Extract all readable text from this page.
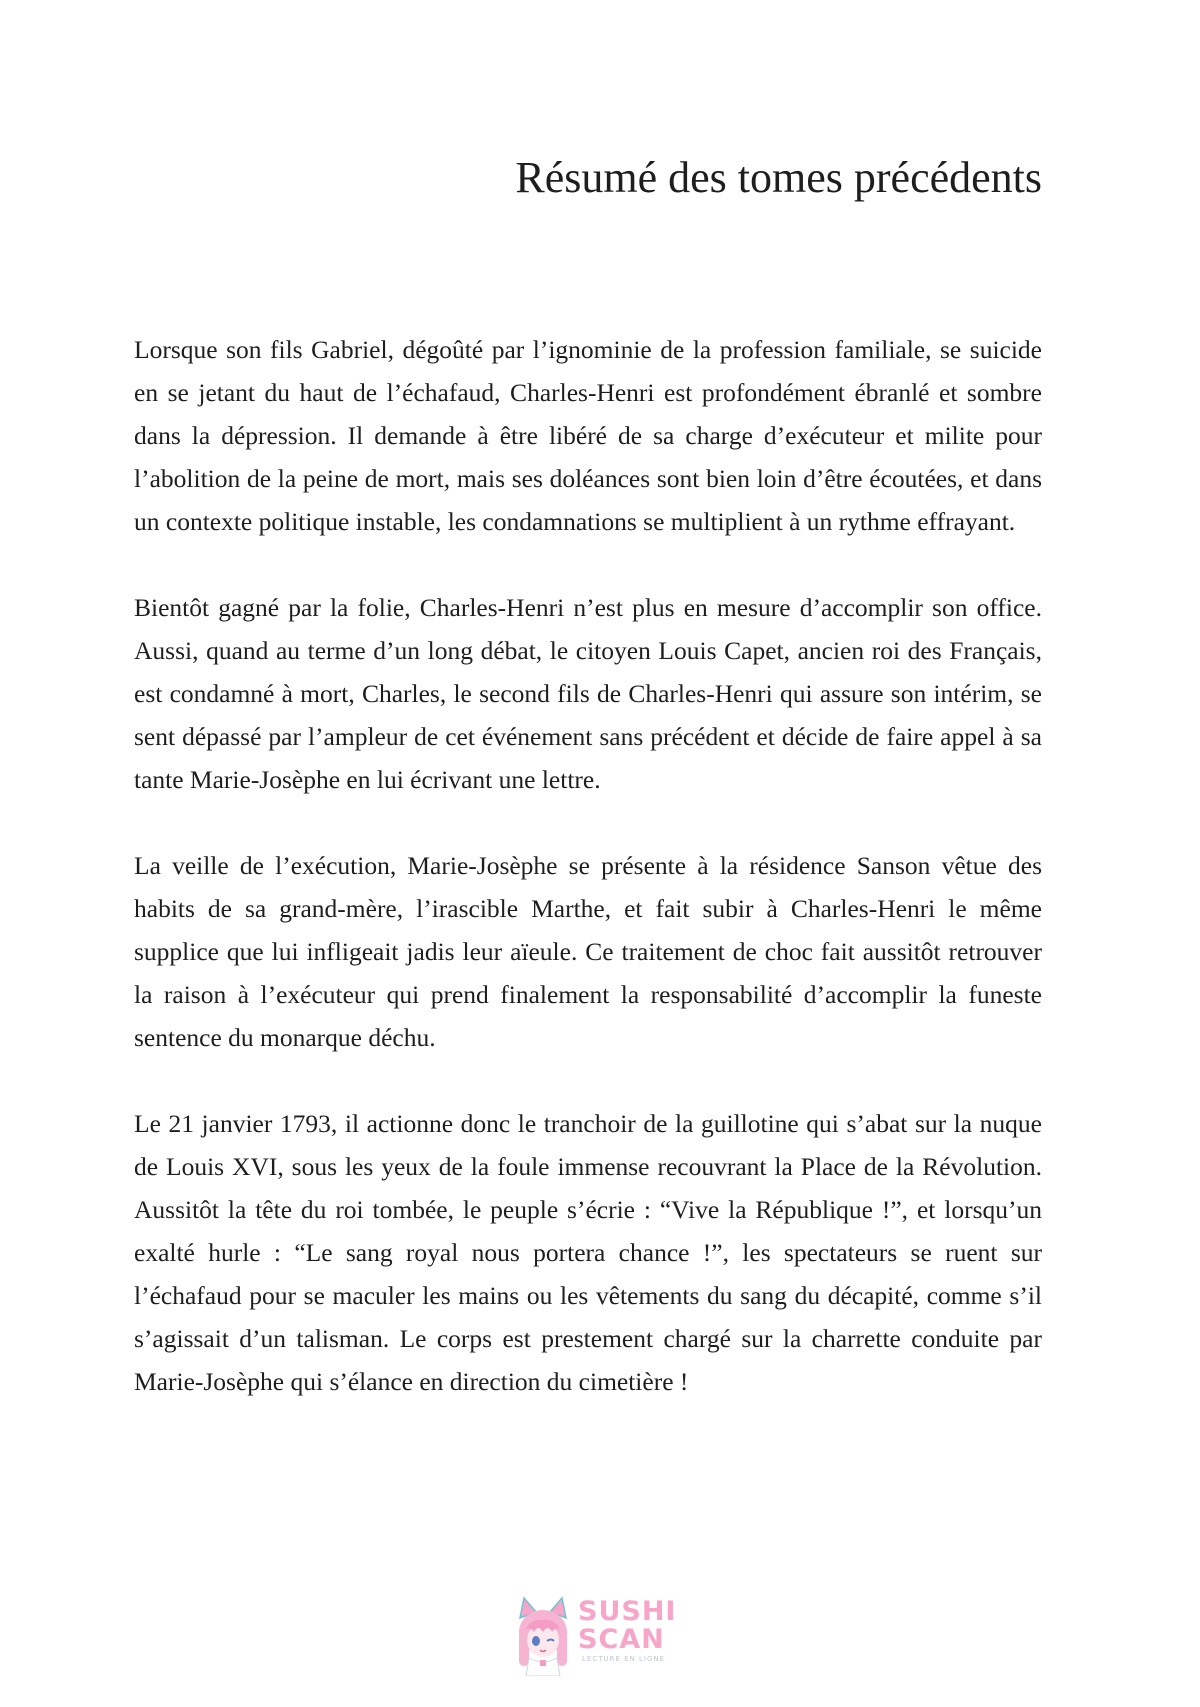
Résumé des tomes précédents

Lorsque son fils Gabriel, dégoûté par l’ignominie de la profession familiale, se suicide en se jetant du haut de l’échafaud, Charles-Henri est profondément ébranlé et sombre dans la dépression. Il demande à être libéré de sa charge d’exécuteur et milite pour l’abolition de la peine de mort, mais ses doléances sont bien loin d’être écoutées, et dans un contexte politique instable, les condamnations se multiplient à un rythme effrayant.

Bientôt gagné par la folie, Charles-Henri n’est plus en mesure d’accomplir son office. Aussi, quand au terme d’un long débat, le citoyen Louis Capet, ancien roi des Français, est condamné à mort, Charles, le second fils de Charles-Henri qui assure son intérim, se sent dépassé par l’ampleur de cet événement sans précédent et décide de faire appel à sa tante Marie-Josèphe en lui écrivant une lettre.

La veille de l’exécution, Marie-Josèphe se présente à la résidence Sanson vêtue des habits de sa grand-mère, l’irascible Marthe, et fait subir à Charles-Henri le même supplice que lui infligeait jadis leur aïeule. Ce traitement de choc fait aussitôt retrouver la raison à l’exécuteur qui prend finalement la responsabilité d’accomplir la funeste sentence du monarque déchu.

Le 21 janvier 1793, il actionne donc le tranchoir de la guillotine qui s’abat sur la nuque de Louis XVI, sous les yeux de la foule immense recouvrant la Place de la Révolution. Aussitôt la tête du roi tombée, le peuple s’écrie : “Vive la République !”, et lorsqu’un exalté hurle : “Le sang royal nous portera chance !”, les spectateurs se ruent sur l’échafaud pour se maculer les mains ou les vêtements du sang du décapité, comme s’il s’agissait d’un talisman. Le corps est prestement chargé sur la charrette conduite par Marie-Josèphe qui s’élance en direction du cimetière !

SUSHI
SCAN
LECTURE EN LIGNE
